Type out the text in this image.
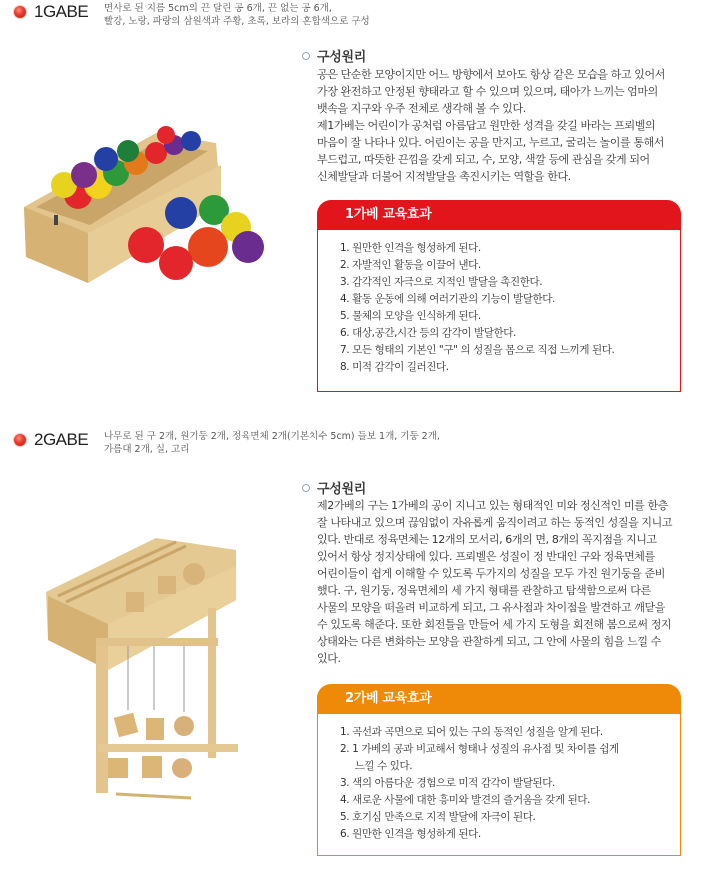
1GABE	면사로 된 지름 5cm의 끈 달린 공 6개, 끈 없는 공 6개,
빨강, 노랑, 파랑의 삼원색과 주황, 초록, 보라의 혼합색으로 구성
구성원리
공은 단순한 모양이지만 어느 방향에서 보아도 항상 같은 모습을 하고 있어서
가장 완전하고 안정된 향태라고 할 수 있으며 있으며, 태아가 느끼는 엄마의
뱃속을 지구와 우주 전체로 생각해 볼 수 있다.
제1가베는 어린이가 공처럼 아름답고 원만한 성격을 갖길 바라는 프뢰벨의
마음이 잘 나타나 있다. 어린이는 공을 만지고, 누르고, 굴리는 놀이를 통해서
부드럽고, 따뜻한 끈낌을 갖게 되고, 수, 모양, 색깔 등에 관심을 갖게 되어
신체발달과 더불어 지적발달을 촉진시키는 역할을 한다.
1가베 교육효과
1. 원만한 인격을 형성하게 된다.
2. 자발적인 활동을 이끌어 낸다.
3. 감각적인 자극으로 지적인 발달을 촉진한다.
4. 활동 운동에 의해 여러기관의 기능이 발달한다.
5. 물체의 모양을 인식하게 된다.
6. 대상,공간,시간 등의 감각이 발달한다.
7. 모든 형태의 기본인 "구" 의 성질을 몸으로 직접 느끼게 된다.
8. 미적 감각이 길러진다.
2GABE	나무로 된 구 2개, 원기둥 2개, 정육면체 2개(기본치수 5cm) 들보 1개, 기둥 2개,
가름대 2개, 실, 고리
구성원리
제2가베의 구는 1가베의 공이 지니고 있는 형태적인 미와 정신적인 미를 한층
잘 나타내고 있으며 끊임없이 자유롭게 움직이려고 하는 동적인 성질을 지니고
있다. 반대로 정육면체는 12개의 모서리, 6개의 면, 8개의 꼭지점을 지니고
있어서 항상 정지상태에 있다. 프뢰벨은 성질이 정 반대인 구와 정육면체를
어린이들이 쉽게 이해할 수 있도록 두가지의 성질을 모두 가진 원기둥을 준비
했다. 구, 원기둥, 정육면체의 세 가지 형태를 관찰하고 탐색함으로써 다른
사물의 모양을 떠올려 비교하게 되고, 그 유사점과 차이점을 발견하고 깨닫을
수 있도록 해준다. 또한 회전틀을 만들어 세 가지 도형을 회전해 봄으로써 정지
상태와는 다른 변화하는 모양을 관찰하게 되고, 그 안에 사물의 힘을 느낄 수
있다.
2가베 교육효과
1. 곡선과 곡면으로 되어 있는 구의 동적인 성질을 알게 된다.
2. 1 가베의 공과 비교해서 형태나 성질의 유사점 및 차이를 쉽게
느낄 수 있다.
3. 색의 아름다운 경험으로 미적 감각이 발달된다.
4. 새로운 사물에 대한 흥미와 발견의 즐거움을 갖게 된다.
5. 호기심 만족으로 지적 발달에 자극이 된다.
6. 원만한 인격을 형성하게 된다.
